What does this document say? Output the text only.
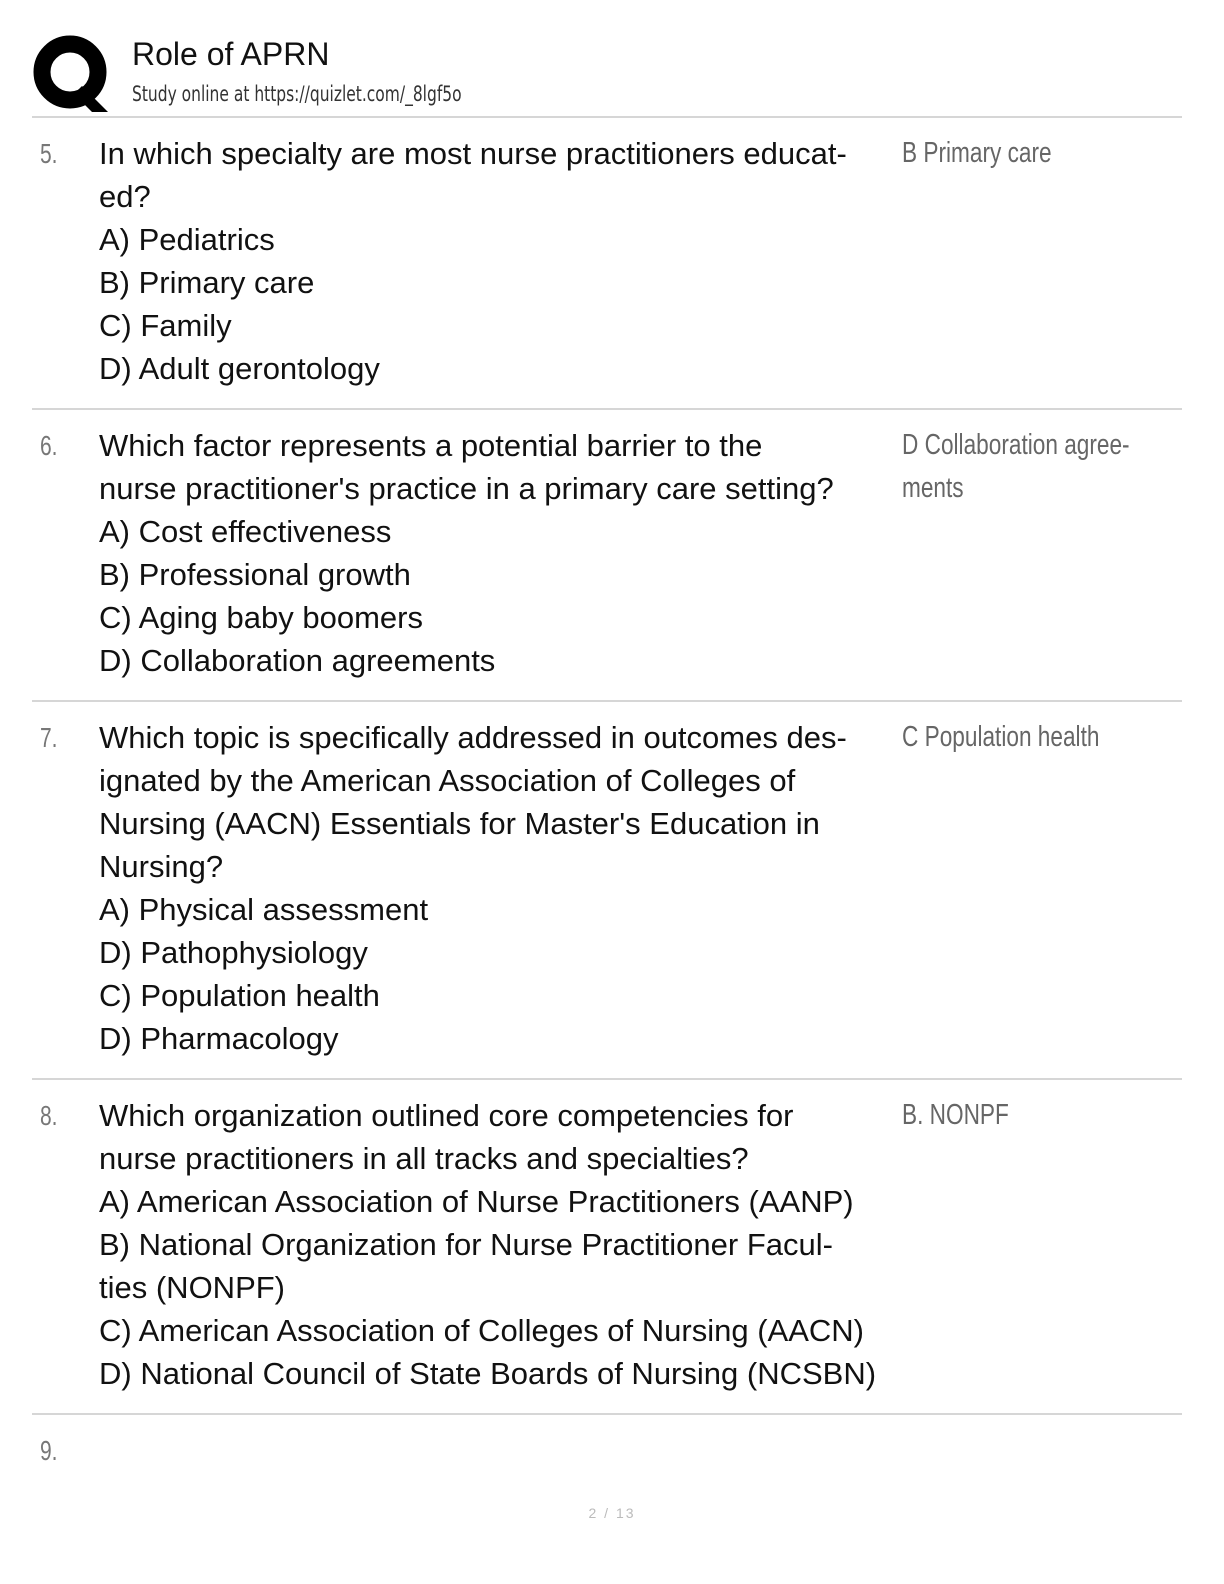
Role of APRN
Study online at https://quizlet.com/_8lgf5o
5. In which specialty are most nurse practitioners educat-
ed?
A) Pediatrics
B) Primary care
C) Family
D) Adult gerontology
B Primary care
6. Which factor represents a potential barrier to the
nurse practitioner's practice in a primary care setting?
A) Cost effectiveness
B) Professional growth
C) Aging baby boomers
D) Collaboration agreements
D Collaboration agree-
ments
7. Which topic is specifically addressed in outcomes des-
ignated by the American Association of Colleges of
Nursing (AACN) Essentials for Master's Education in
Nursing?
A) Physical assessment
D) Pathophysiology
C) Population health
D) Pharmacology
C Population health
8. Which organization outlined core competencies for
nurse practitioners in all tracks and specialties?
A) American Association of Nurse Practitioners (AANP)
B) National Organization for Nurse Practitioner Facul-
ties (NONPF)
C) American Association of Colleges of Nursing (AACN)
D) National Council of State Boards of Nursing (NCSBN)
B. NONPF
9.
2 / 13
